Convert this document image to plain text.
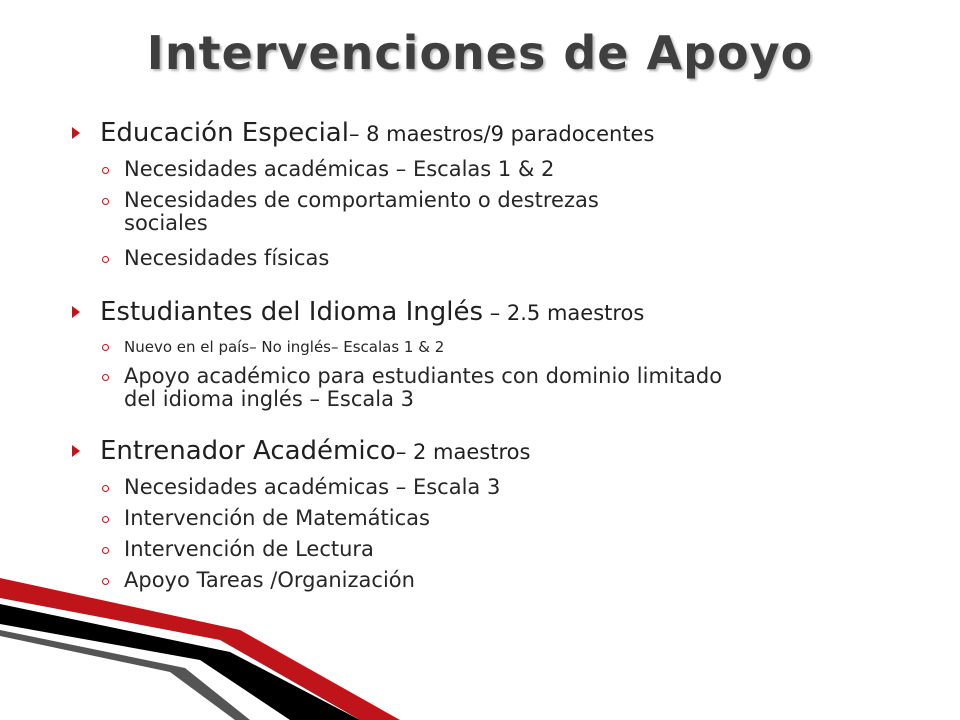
Intervenciones de Apoyo
Educación Especial– 8 maestros/9 paradocentes
Necesidades académicas – Escalas 1 & 2
Necesidades de comportamiento o destrezas
sociales
Necesidades físicas
Estudiantes del Idioma Inglés – 2.5 maestros
Nuevo en el país– No inglés– Escalas 1 & 2
Apoyo académico para estudiantes con dominio limitado
del idioma inglés – Escala 3
Entrenador Académico– 2 maestros
Necesidades académicas – Escala 3
Intervención de Matemáticas
Intervención de Lectura
Apoyo Tareas /Organización
